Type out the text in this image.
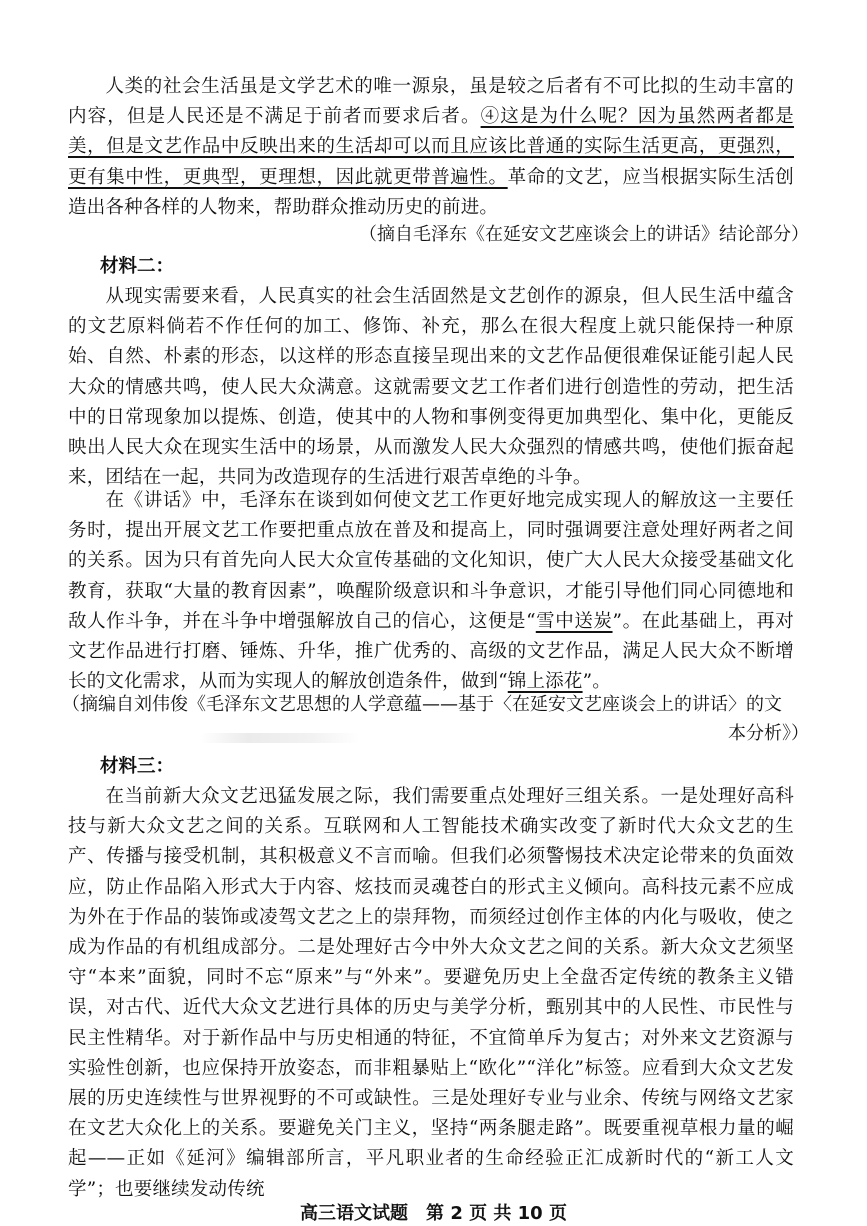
人类的社会生活虽是文学艺术的唯一源泉，虽是较之后者有不可比拟的生动丰富的内容，但是人民还是不满足于前者而要求后者。④这是为什么呢？因为虽然两者都是美，但是文艺作品中反映出来的生活却可以而且应该比普通的实际生活更高，更强烈，更有集中性，更典型，更理想，因此就更带普遍性。革命的文艺，应当根据实际生活创造出各种各样的人物来，帮助群众推动历史的前进。

（摘自毛泽东《在延安文艺座谈会上的讲话》结论部分）

材料二：

从现实需要来看，人民真实的社会生活固然是文艺创作的源泉，但人民生活中蕴含的文艺原料倘若不作任何的加工、修饰、补充，那么在很大程度上就只能保持一种原始、自然、朴素的形态，以这样的形态直接呈现出来的文艺作品便很难保证能引起人民大众的情感共鸣，使人民大众满意。这就需要文艺工作者们进行创造性的劳动，把生活中的日常现象加以提炼、创造，使其中的人物和事例变得更加典型化、集中化，更能反映出人民大众在现实生活中的场景，从而激发人民大众强烈的情感共鸣，使他们振奋起来，团结在一起，共同为改造现存的生活进行艰苦卓绝的斗争。

在《讲话》中，毛泽东在谈到如何使文艺工作更好地完成实现人的解放这一主要任务时，提出开展文艺工作要把重点放在普及和提高上，同时强调要注意处理好两者之间的关系。因为只有首先向人民大众宣传基础的文化知识，使广大人民大众接受基础文化教育，获取“大量的教育因素”，唤醒阶级意识和斗争意识，才能引导他们同心同德地和敌人作斗争，并在斗争中增强解放自己的信心，这便是“雪中送炭”。在此基础上，再对文艺作品进行打磨、锤炼、升华，推广优秀的、高级的文艺作品，满足人民大众不断增长的文化需求，从而为实现人的解放创造条件，做到“锦上添花”。

（摘编自刘伟俊《毛泽东文艺思想的人学意蕴——基于〈在延安文艺座谈会上的讲话〉的文

本分析》）

材料三：

在当前新大众文艺迅猛发展之际，我们需要重点处理好三组关系。一是处理好高科技与新大众文艺之间的关系。互联网和人工智能技术确实改变了新时代大众文艺的生产、传播与接受机制，其积极意义不言而喻。但我们必须警惕技术决定论带来的负面效应，防止作品陷入形式大于内容、炫技而灵魂苍白的形式主义倾向。高科技元素不应成为外在于作品的装饰或凌驾文艺之上的崇拜物，而须经过创作主体的内化与吸收，使之成为作品的有机组成部分。二是处理好古今中外大众文艺之间的关系。新大众文艺须坚守“本来”面貌，同时不忘“原来”与“外来”。要避免历史上全盘否定传统的教条主义错误，对古代、近代大众文艺进行具体的历史与美学分析，甄别其中的人民性、市民性与民主性精华。对于新作品中与历史相通的特征，不宜简单斥为复古；对外来文艺资源与实验性创新，也应保持开放姿态，而非粗暴贴上“欧化”“洋化”标签。应看到大众文艺发展的历史连续性与世界视野的不可或缺性。三是处理好专业与业余、传统与网络文艺家在文艺大众化上的关系。要避免关门主义，坚持“两条腿走路”。既要重视草根力量的崛起——正如《延河》编辑部所言，平凡职业者的生命经验正汇成新时代的“新工人文学”；也要继续发动传统

高三语文试题　第 2 页 共 10 页
